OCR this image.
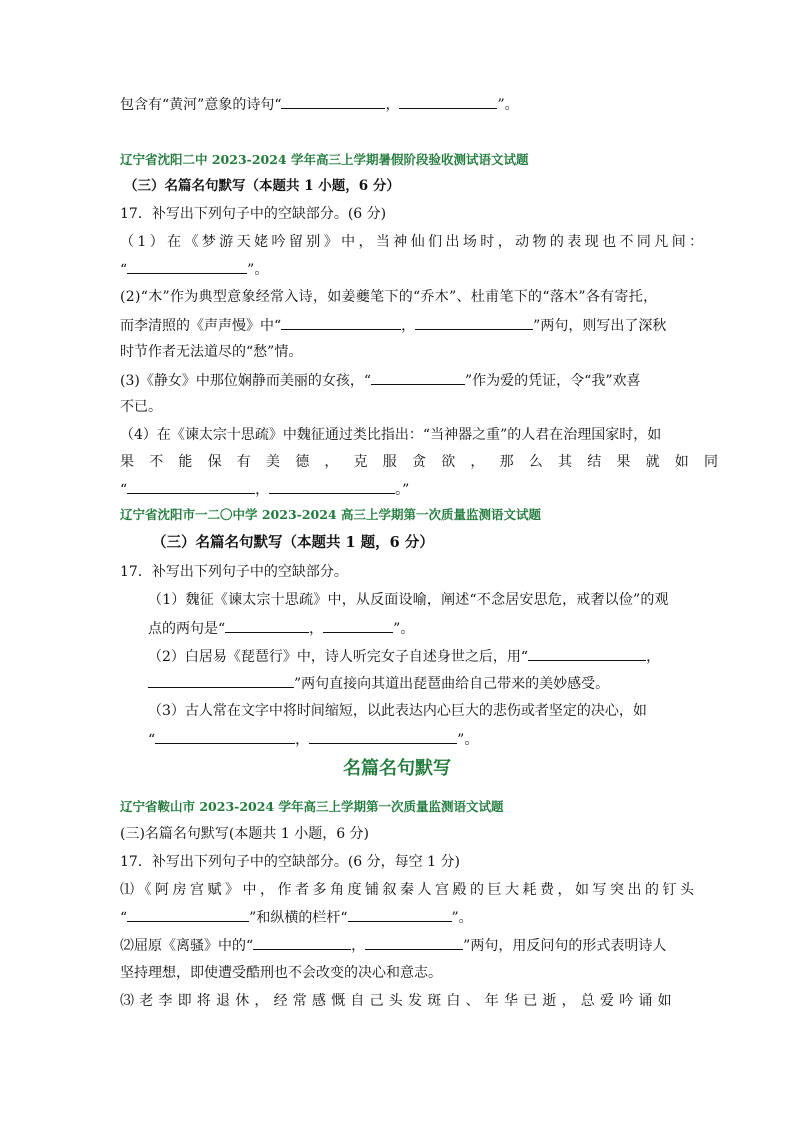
包含有“黄河”意象的诗句“	，	”。
辽宁省沈阳二中 2023-2024 学年高三上学期暑假阶段验收测试语文试题
（三）名篇名句默写（本题共 1 小题，6 分）
17．补写出下列句子中的空缺部分。(6 分)
（1）在《梦游天姥吟留别》中，当神仙们出场时，动物的表现也不同凡间：
“	”。
(2)“木”作为典型意象经常入诗，如姜夔笔下的“乔木”、杜甫笔下的“落木”各有寄托，
而李清照的《声声慢》中“	，	”两句，则写出了深秋
时节作者无法道尽的“愁”情。
(3)《静女》中那位娴静而美丽的女孩，“	”作为爱的凭证，令“我”欢喜
不已。
（4）在《谏太宗十思疏》中魏征通过类比指出：“当神器之重”的人君在治理国家时，如
果不能保有美德，克服贪欲，那么其结果就如同
“	，	。”
辽宁省沈阳市一二〇中学 2023-2024 高三上学期第一次质量监测语文试题
（三）名篇名句默写（本题共 1 题，6 分）
17．补写出下列句子中的空缺部分。
（1）魏征《谏太宗十思疏》中，从反面设喻，阐述“不念居安思危，戒奢以俭”的观
点的两句是“	，	”。
（2）白居易《琵琶行》中，诗人听完女子自述身世之后，用“	，
”两句直接向其道出琵琶曲给自己带来的美妙感受。
（3）古人常在文字中将时间缩短，以此表达内心巨大的悲伤或者坚定的决心，如
“	，	”。
名篇名句默写
辽宁省鞍山市 2023-2024 学年高三上学期第一次质量监测语文试题
(三)名篇名句默写(本题共 1 小题，6 分)
17．补写出下列句子中的空缺部分。(6 分，每空 1 分)
⑴《阿房宫赋》中，作者多角度铺叙秦人宫殿的巨大耗费，如写突出的钉头
“	”和纵横的栏杆“	”。
⑵屈原《离骚》中的“	，	”两句，用反问句的形式表明诗人
坚持理想，即使遭受酷刑也不会改变的决心和意志。
⑶老李即将退休，经常感慨自己头发斑白、年华已逝，总爱吟诵如
